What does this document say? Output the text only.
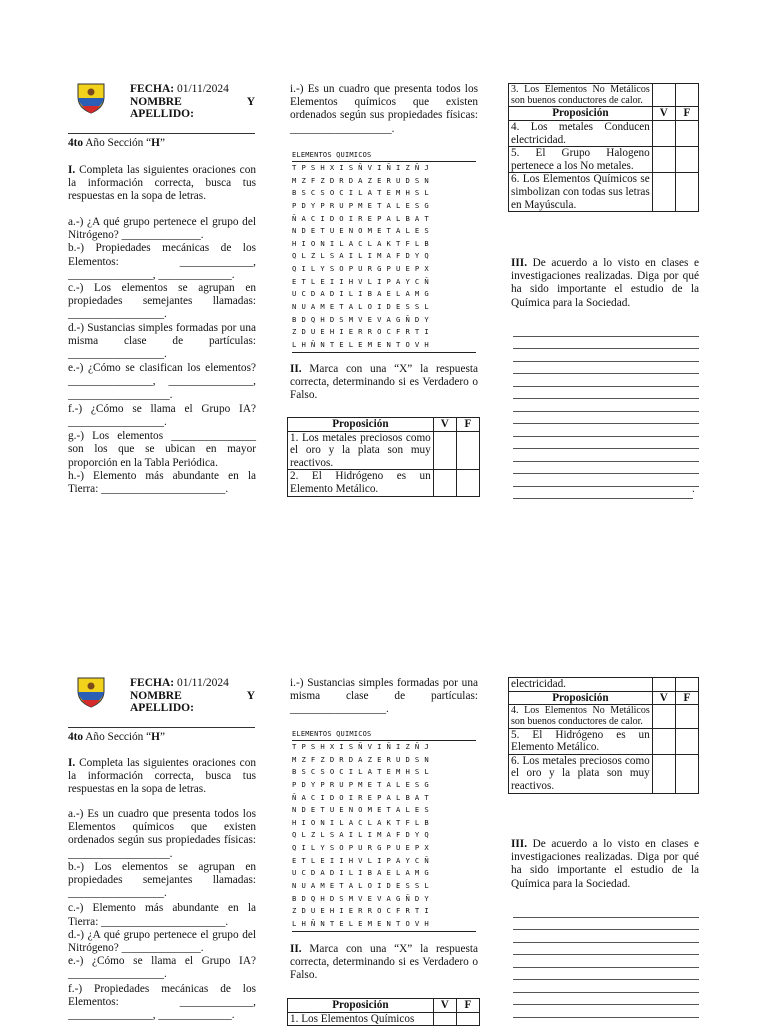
FECHA: 01/11/2024
NOMBRE	Y
APELLIDO:
4to Año Sección “H”
I. Completa las siguientes oraciones con la información correcta, busca tus respuestas en la sopa de letras.

a.-) ¿A qué grupo pertenece el grupo del Nitrógeno? ______________.

b.-) Propiedades mecánicas de los Elementos: _____________, _______________, _____________.

c.-) Los elementos se agrupan en propiedades semejantes llamadas: _________________.

d.-) Sustancias simples formadas por una misma clase de partículas: _________________.

e.-) ¿Cómo se clasifican los elementos? _______________, _______________, __________________.

f.-) ¿Cómo se llama el Grupo IA? _________________.

g.-) Los elementos _______________ son los que se ubican en mayor proporción en la Tabla Periódica.

h.-) Elemento más abundante en la Tierra: ______________________.

i.-) Es un cuadro que presenta todos los Elementos químicos que existen ordenados según sus propiedades físicas: __________________.
ELEMENTOS QUIMICOS
T P S H X I S Ñ V I Ñ I Z Ñ J
M Z F Z D R D A Z E R U D S N
B S C S O C I L A T E M H S L
P D Y P R U P M E T A L E S G
Ñ A C I D O I R E P A L B A T
N D E T U E N O M E T A L E S
H I O N I L A C L A K T F L B
Q L Z L S A I L I M A F D Y Q
Q I L Y S O P U R G P U E P X
E T L E I I H V L I P A Y C Ñ
U C D A D I L I B A E L A M G
N U A M E T A L O I D E S S L
B D Q H D S M V E V A G Ñ D Y
Z D U E H I E R R O C F R T I
L H Ñ N T E L E M E N T O V H
II. Marca con una “X” la respuesta correcta, determinando si es Verdadero o Falso.
Proposición	V	F
1. Los metales preciosos como el oro y la plata son muy reactivos.		
2. El Hidrógeno es un Elemento Metálico.		
3. Los Elementos No Metálicos son buenos conductores de calor.		
Proposición	V	F
4. Los metales Conducen electricidad.		
5. El Grupo Halogeno pertenece a los No metales.		
6. Los Elementos Químicos se simbolizan con todas sus letras en Mayúscula.		
III. De acuerdo a lo visto en clases e investigaciones realizadas. Diga por qué ha sido importante el estudio de la Química para la Sociedad.
.
FECHA: 01/11/2024
NOMBRE	Y
APELLIDO:
4to Año Sección “H”
I. Completa las siguientes oraciones con la información correcta, busca tus respuestas en la sopa de letras.

a.-) Es un cuadro que presenta todos los Elementos químicos que existen ordenados según sus propiedades físicas: __________________.

b.-) Los elementos se agrupan en propiedades semejantes llamadas: _________________.

c.-) Elemento más abundante en la Tierra: ______________________.

d.-) ¿A qué grupo pertenece el grupo del Nitrógeno? ______________.

e.-) ¿Cómo se llama el Grupo IA? _________________.

f.-) Propiedades mecánicas de los Elementos: _____________, _______________, _____________.

i.-) Sustancias simples formadas por una misma clase de partículas: _________________.
ELEMENTOS QUIMICOS
T P S H X I S Ñ V I Ñ I Z Ñ J
M Z F Z D R D A Z E R U D S N
B S C S O C I L A T E M H S L
P D Y P R U P M E T A L E S G
Ñ A C I D O I R E P A L B A T
N D E T U E N O M E T A L E S
H I O N I L A C L A K T F L B
Q L Z L S A I L I M A F D Y Q
Q I L Y S O P U R G P U E P X
E T L E I I H V L I P A Y C Ñ
U C D A D I L I B A E L A M G
N U A M E T A L O I D E S S L
B D Q H D S M V E V A G Ñ D Y
Z D U E H I E R R O C F R T I
L H Ñ N T E L E M E N T O V H
II. Marca con una “X” la respuesta correcta, determinando si es Verdadero o Falso.
Proposición	V	F
1. Los Elementos Químicos		
electricidad.		
Proposición	V	F
4. Los Elementos No Metálicos son buenos conductores de calor.		
5. El Hidrógeno es un Elemento Metálico.		
6. Los metales preciosos como el oro y la plata son muy reactivos.		
III. De acuerdo a lo visto en clases e investigaciones realizadas. Diga por qué ha sido importante el estudio de la Química para la Sociedad.
